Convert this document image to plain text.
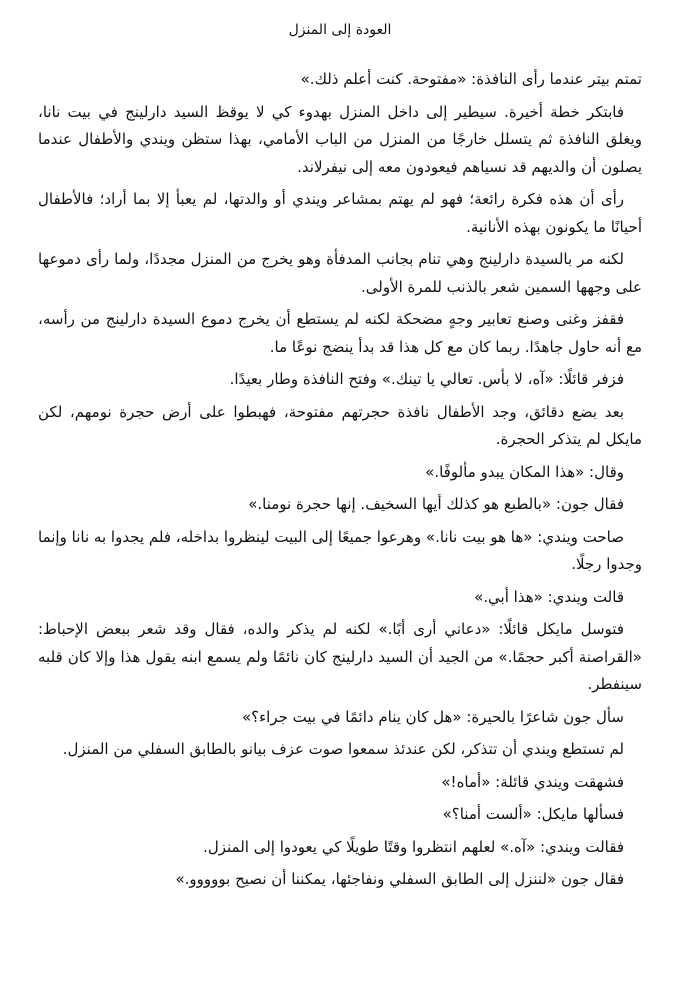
العودة إلى المنزل

تمتم بيتر عندما رأى النافذة: «مفتوحة. كنت أعلم ذلك.»

فابتكر خطة أخيرة. سيطير إلى داخل المنزل بهدوء كي لا يوقظ السيد دارلينج في بيت نانا، ويغلق النافذة ثم يتسلل خارجًا من المنزل من الباب الأمامي، بهذا ستظن ويندي والأطفال عندما يصلون أن والديهم قد نسياهم فيعودون معه إلى نيفرلاند.

رأى أن هذه فكرة رائعة؛ فهو لم يهتم بمشاعر ويندي أو والدتها، لم يعبأ إلا بما أراد؛ فالأطفال أحيانًا ما يكونون بهذه الأنانية.

لكنه مر بالسيدة دارلينج وهي تنام بجانب المدفأة وهو يخرج من المنزل مجددًا، ولما رأى دموعها على وجهها السمين شعر بالذنب للمرة الأولى.

فقفز وغنى وصنع تعابير وجهٍ مضحكة لكنه لم يستطع أن يخرج دموع السيدة دارلينج من رأسه، مع أنه حاول جاهدًا. ربما كان مع كل هذا قد بدأ ينضج نوعًا ما.

فزفر قائلًا: «آه، لا بأس. تعالي يا تينك.» وفتح النافذة وطار بعيدًا.

بعد بضع دقائق، وجد الأطفال نافذة حجرتهم مفتوحة، فهبطوا على أرض حجرة نومهم، لكن مايكل لم يتذكر الحجرة.

وقال: «هذا المكان يبدو مألوفًا.»

فقال جون: «بالطبع هو كذلك أيها السخيف. إنها حجرة نومنا.»

صاحت ويندي: «ها هو بيت نانا.» وهرعوا جميعًا إلى البيت لينظروا بداخله، فلم يجدوا به نانا وإنما وجدوا رجلًا.

قالت ويندي: «هذا أبي.»

فتوسل مايكل قائلًا: «دعاني أرى أبًا.» لكنه لم يذكر والده، فقال وقد شعر ببعض الإحباط: «القراصنة أكبر حجمًا.» من الجيد أن السيد دارلينج كان نائمًا ولم يسمع ابنه يقول هذا وإلا كان قلبه سينفطر.

سأل جون شاعرًا بالحيرة: «هل كان ينام دائمًا في بيت جراء؟»

لم تستطع ويندي أن تتذكر، لكن عندئذ سمعوا صوت عزف بيانو بالطابق السفلي من المنزل.

فشهقت ويندي قائلة: «أماه!»

فسألها مايكل: «ألست أمنا؟»

فقالت ويندي: «آه.» لعلهم انتظروا وقتًا طويلًا كي يعودوا إلى المنزل.

فقال جون «لننزل إلى الطابق السفلي ونفاجئها، يمكننا أن نصيح بووووو.»
